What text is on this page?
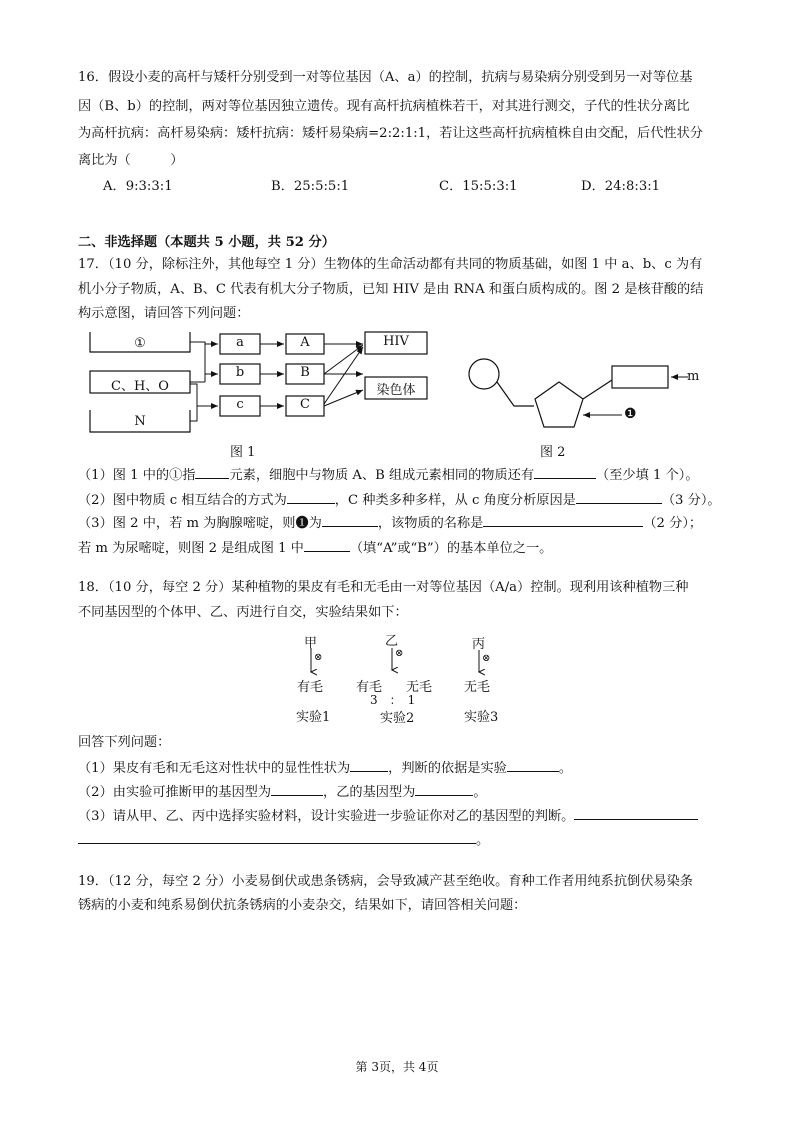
16．假设小麦的高杆与矮杆分别受到一对等位基因（A、a）的控制，抗病与易染病分别受到另一对等位基
因（B、b）的控制，两对等位基因独立遗传。现有高杆抗病植株若干，对其进行测交，子代的性状分离比
为高杆抗病：高杆易染病：矮杆抗病：矮杆易染病=2:2:1:1，若让这些高杆抗病植株自由交配，后代性状分
离比为（　　　）
A．9:3:3:1	B．25:5:5:1	C．15:5:3:1	D．24:8:3:1
二、非选择题（本题共 5 小题，共 52 分）
17．（10 分，除标注外，其他每空 1 分）生物体的生命活动都有共同的物质基础，如图 1 中 a、b、c 为有
机小分子物质，A、B、C 代表有机大分子物质，已知 HIV 是由 RNA 和蛋白质构成的。图 2 是核苷酸的结
构示意图，请回答下列问题：
①
C、H、O
N
a
b
c
A
B
C
HIV
染色体
图 1
m
❶
图 2
（1）图 1 中的①指	元素，细胞中与物质 A、B 组成元素相同的物质还有	（至少填 1 个）。
（2）图中物质 c 相互结合的方式为	，C 种类多种多样，从 c 角度分析原因是	（3 分）。
（3）图 2 中，若 m 为胸腺嘧啶，则❶为	，该物质的名称是	（2 分）；
若 m 为尿嘧啶，则图 2 是组成图 1 中	（填“A”或“B”）的基本单位之一。
18．（10 分，每空 2 分）某种植物的果皮有毛和无毛由一对等位基因（A/a）控制。现利用该种植物三种
不同基因型的个体甲、乙、丙进行自交，实验结果如下：
甲	乙	丙
⊗	⊗	⊗
有毛	有毛 无毛
3　：　1
无毛
实验1	实验2	实验3
回答下列问题：
（1）果皮有毛和无毛这对性状中的显性性状为	，判断的依据是实验	。
（2）由实验可推断甲的基因型为	，乙的基因型为	。
（3）请从甲、乙、丙中选择实验材料，设计实验进一步验证你对乙的基因型的判断。
。
19．（12 分，每空 2 分）小麦易倒伏或患条锈病，会导致减产甚至绝收。育种工作者用纯系抗倒伏易染条
锈病的小麦和纯系易倒伏抗条锈病的小麦杂交，结果如下，请回答相关问题：
第 3页，共 4页
